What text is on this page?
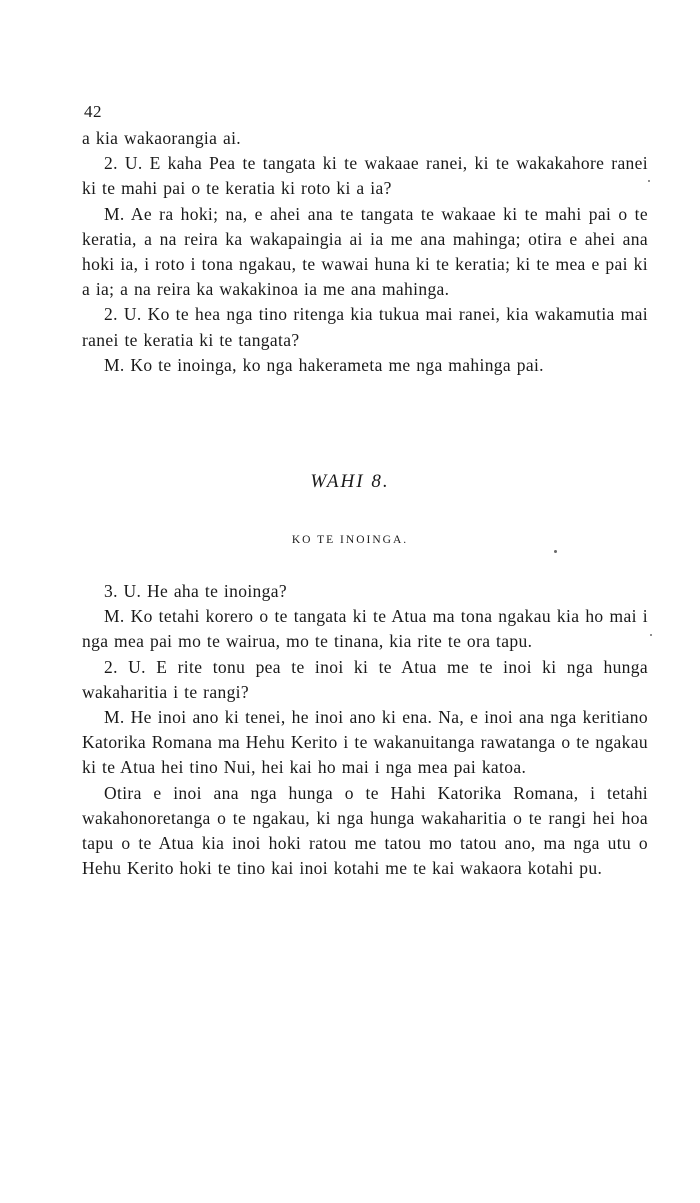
42

a kia wakaorangia ai.

2. U. E kaha Pea te tangata ki te wakaae ranei, ki te wakakahore ranei ki te mahi pai o te keratia ki roto ki a ia?

M. Ae ra hoki; na, e ahei ana te tangata te wakaae ki te mahi pai o te keratia, a na reira ka wakapaingia ai ia me ana mahinga; otira e ahei ana hoki ia, i roto i tona ngakau, te wawai huna ki te keratia; ki te mea e pai ki a ia; a na reira ka wakakinoa ia me ana mahinga.

2. U. Ko te hea nga tino ritenga kia tukua mai ranei, kia wakamutia mai ranei te keratia ki te tangata?

M. Ko te inoinga, ko nga hakerameta me nga mahinga pai.

WAHI 8.
KO TE INOINGA.

3. U. He aha te inoinga?

M. Ko tetahi korero o te tangata ki te Atua ma tona ngakau kia ho mai i nga mea pai mo te wairua, mo te tinana, kia rite te ora tapu.

2. U. E rite tonu pea te inoi ki te Atua me te inoi ki nga hunga wakaharitia i te rangi?

M. He inoi ano ki tenei, he inoi ano ki ena. Na, e inoi ana nga keritiano Katorika Romana ma Hehu Kerito i te wakanuitanga rawatanga o te ngakau ki te Atua hei tino Nui, hei kai ho mai i nga mea pai katoa.

Otira e inoi ana nga hunga o te Hahi Katorika Romana, i tetahi wakahonoretanga o te ngakau, ki nga hunga wakaharitia o te rangi hei hoa tapu o te Atua kia inoi hoki ratou me tatou mo tatou ano, ma nga utu o Hehu Kerito hoki te tino kai inoi kotahi me te kai wakaora kotahi pu.
